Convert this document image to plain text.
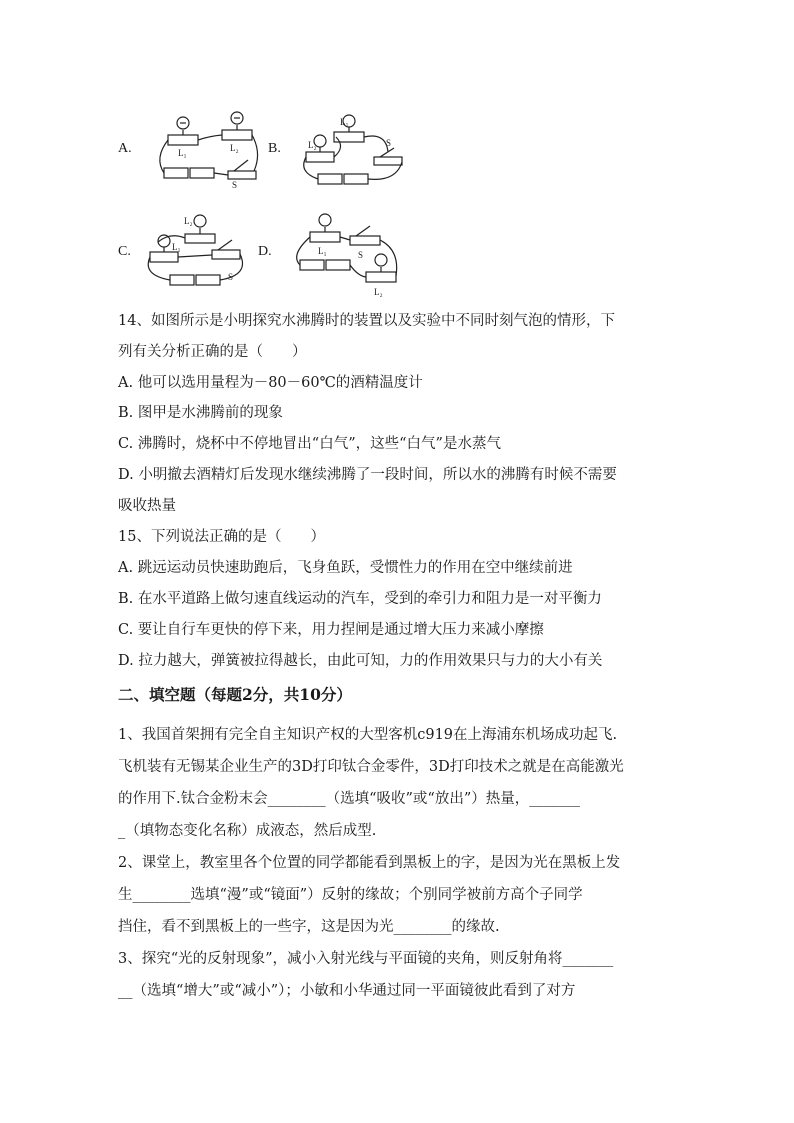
A.	L₁	L₂
S
B.
L₁
L₂	S
C.
L₂
L₁
S
D.	L₁	S
L₂
14、如图所示是小明探究水沸腾时的装置以及实验中不同时刻气泡的情形，下
列有关分析正确的是（　　）
A. 他可以选用量程为－80－60℃的酒精温度计
B. 图甲是水沸腾前的现象
C. 沸腾时，烧杯中不停地冒出“白气”，这些“白气”是水蒸气
D. 小明撤去酒精灯后发现水继续沸腾了一段时间，所以水的沸腾有时候不需要
吸收热量
15、下列说法正确的是（　　）
A. 跳远运动员快速助跑后，飞身鱼跃，受惯性力的作用在空中继续前进
B. 在水平道路上做匀速直线运动的汽车，受到的牵引力和阻力是一对平衡力
C. 要让自行车更快的停下来，用力捏闸是通过增大压力来减小摩擦
D. 拉力越大，弹簧被拉得越长，由此可知，力的作用效果只与力的大小有关
二、填空题（每题2分，共10分）
1、我国首架拥有完全自主知识产权的大型客机c919在上海浦东机场成功起飞.
飞机装有无锡某企业生产的3D打印钛合金零件，3D打印技术之就是在高能激光
的作用下.钛合金粉末会________（选填“吸收”或“放出”）热量，_______
_（填物态变化名称）成液态，然后成型.
2、课堂上，教室里各个位置的同学都能看到黑板上的字，是因为光在黑板上发
生________选填“漫”或“镜面”）反射的缘故；个别同学被前方高个子同学
挡住，看不到黑板上的一些字，这是因为光________的缘故.
3、探究“光的反射现象”，减小入射光线与平面镜的夹角，则反射角将_______
__（选填“增大”或“减小”）；小敏和小华通过同一平面镜彼此看到了对方
